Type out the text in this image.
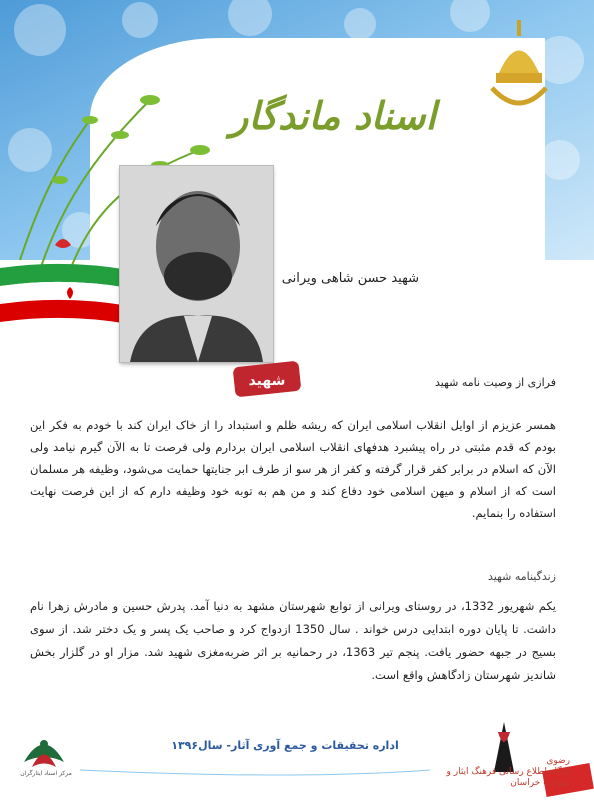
اسناد ماندگار
شهید
شهید حسن شاهی ویرانی
فرازی از وصیت نامه شهید
همسر عزیزم از اوایل انقلاب اسلامی ایران که ریشه ظلم و استبداد را از خاک ایران کند با خودم به فکر این بودم که قدم مثبتی در راه پیشبرد هدفهای انقلاب اسلامی ایران بردارم ولی فرصت تا به الآن گیرم نیامد ولی الآن که اسلام در برابر کفر قرار گرفته و کفر از هر سو از طرف ابر جنایتها حمایت می‌شود، وظیفه هر مسلمان است که از اسلام و میهن اسلامی خود دفاع کند و من هم به توبه خود وظیفه دارم که از این فرصت نهایت استفاده را بنمایم.
زندگینامه شهید
یکم شهریور 1332، در روستای ویرانی از توابع شهرستان مشهد به دنیا آمد. پدرش حسین و مادرش زهرا نام داشت. تا پایان دوره ابتدایی درس خواند . سال 1350 ازدواج کرد و صاحب یک پسر و یک دختر شد. از سوی بسیج در جبهه حضور یافت. پنجم تیر 1363، در رحمانیه بر اثر ضربه‌مغزی شهید شد. مزار او در گلزار بخش شاندیز شهرستان زادگاهش واقع است.
مرکز اسناد ایثارگران
اداره تحقیقات و جمع آوری آثار- سال۱۳۹۶
رضوی
پایگاه اطلاع رسانی فرهنگ ایثار و شهادت خراسان
